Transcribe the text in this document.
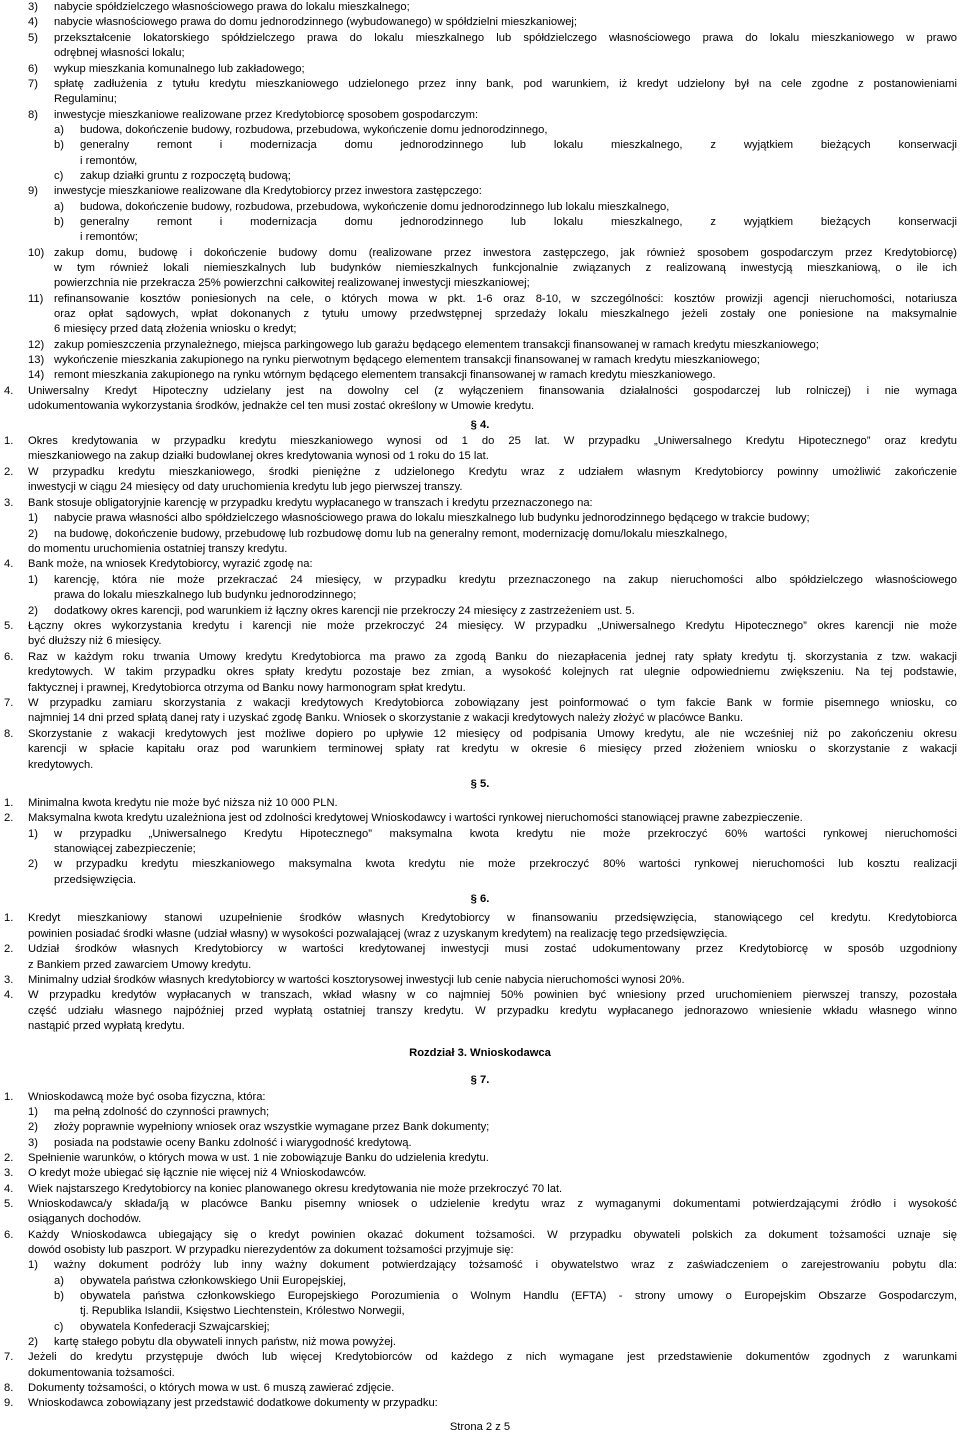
3) nabycie spółdzielczego własnościowego prawa do lokalu mieszkalnego;
4) nabycie własnościowego prawa do domu jednorodzinnego (wybudowanego) w spółdzielni mieszkaniowej;
5) przekształcenie lokatorskiego spółdzielczego prawa do lokalu mieszkalnego lub spółdzielczego własnościowego prawa do lokalu mieszkaniowego w prawo
odrębnej własności lokalu;
6) wykup mieszkania komunalnego lub zakładowego;
7) spłatę zadłużenia z tytułu kredytu mieszkaniowego udzielonego przez inny bank, pod warunkiem, iż kredyt udzielony był na cele zgodne z postanowieniami
Regulaminu;
8) inwestycje mieszkaniowe realizowane przez Kredytobiorcę sposobem gospodarczym:
a) budowa, dokończenie budowy, rozbudowa, przebudowa, wykończenie domu jednorodzinnego,
b) generalny remont i modernizacja domu jednorodzinnego lub lokalu mieszkalnego, z wyjątkiem bieżących konserwacji
i remontów,
c) zakup działki gruntu z rozpoczętą budową;
9) inwestycje mieszkaniowe realizowane dla Kredytobiorcy przez inwestora zastępczego:
a) budowa, dokończenie budowy, rozbudowa, przebudowa, wykończenie domu jednorodzinnego lub lokalu mieszkalnego,
b) generalny remont i modernizacja domu jednorodzinnego lub lokalu mieszkalnego, z wyjątkiem bieżących konserwacji
i remontów;
10) zakup domu, budowę i dokończenie budowy domu (realizowane przez inwestora zastępczego, jak również sposobem gospodarczym przez Kredytobiorcę)
w tym również lokali niemieszkalnych lub budynków niemieszkalnych funkcjonalnie związanych z realizowaną inwestycją mieszkaniową, o ile ich
powierzchnia nie przekracza 25% powierzchni całkowitej realizowanej inwestycji mieszkaniowej;
11) refinansowanie kosztów poniesionych na cele, o których mowa w pkt. 1-6 oraz 8-10, w szczególności: kosztów prowizji agencji nieruchomości, notariusza
oraz opłat sądowych, wpłat dokonanych z tytułu umowy przedwstępnej sprzedaży lokalu mieszkalnego jeżeli zostały one poniesione na maksymalnie
6 miesięcy przed datą złożenia wniosku o kredyt;
12) zakup pomieszczenia przynależnego, miejsca parkingowego lub garażu będącego elementem transakcji finansowanej w ramach kredytu mieszkaniowego;
13) wykończenie mieszkania zakupionego na rynku pierwotnym będącego elementem transakcji finansowanej w ramach kredytu mieszkaniowego;
14) remont mieszkania zakupionego na rynku wtórnym będącego elementem transakcji finansowanej w ramach kredytu mieszkaniowego.
4. Uniwersalny Kredyt Hipoteczny udzielany jest na dowolny cel (z wyłączeniem finansowania działalności gospodarczej lub rolniczej) i nie wymaga
udokumentowania wykorzystania środków, jednakże cel ten musi zostać określony w Umowie kredytu.
§ 4.
1. Okres kredytowania w przypadku kredytu mieszkaniowego wynosi od 1 do 25 lat. W przypadku „Uniwersalnego Kredytu Hipotecznego” oraz kredytu
mieszkaniowego na zakup działki budowlanej okres kredytowania wynosi od 1 roku do 15 lat.
2. W przypadku kredytu mieszkaniowego, środki pieniężne z udzielonego Kredytu wraz z udziałem własnym Kredytobiorcy powinny umożliwić zakończenie
inwestycji w ciągu 24 miesięcy od daty uruchomienia kredytu lub jego pierwszej transzy.
3. Bank stosuje obligatoryjnie karencję w przypadku kredytu wypłacanego w transzach i kredytu przeznaczonego na:
1) nabycie prawa własności albo spółdzielczego własnościowego prawa do lokalu mieszkalnego lub budynku jednorodzinnego będącego w trakcie budowy;
2) na budowę, dokończenie budowy, przebudowę lub rozbudowę domu lub na generalny remont, modernizację domu/lokalu mieszkalnego,
do momentu uruchomienia ostatniej transzy kredytu.
4. Bank może, na wniosek Kredytobiorcy, wyrazić zgodę na:
1) karencję, która nie może przekraczać 24 miesięcy, w przypadku kredytu przeznaczonego na zakup nieruchomości albo spółdzielczego własnościowego
prawa do lokalu mieszkalnego lub budynku jednorodzinnego;
2) dodatkowy okres karencji, pod warunkiem iż łączny okres karencji nie przekroczy 24 miesięcy z zastrzeżeniem ust. 5.
5. Łączny okres wykorzystania kredytu i karencji nie może przekroczyć 24 miesięcy. W przypadku „Uniwersalnego Kredytu Hipotecznego” okres karencji nie może
być dłuższy niż 6 miesięcy.
6. Raz w każdym roku trwania Umowy kredytu Kredytobiorca ma prawo za zgodą Banku do niezapłacenia jednej raty spłaty kredytu tj. skorzystania z tzw. wakacji
kredytowych. W takim przypadku okres spłaty kredytu pozostaje bez zmian, a wysokość kolejnych rat ulegnie odpowiedniemu zwiększeniu. Na tej podstawie,
faktycznej i prawnej, Kredytobiorca otrzyma od Banku nowy harmonogram spłat kredytu.
7. W przypadku zamiaru skorzystania z wakacji kredytowych Kredytobiorca zobowiązany jest poinformować o tym fakcie Bank w formie pisemnego wniosku, co
najmniej 14 dni przed spłatą danej raty i uzyskać zgodę Banku. Wniosek o skorzystanie z wakacji kredytowych należy złożyć w placówce Banku.
8. Skorzystanie z wakacji kredytowych jest możliwe dopiero po upływie 12 miesięcy od podpisania Umowy kredytu, ale nie wcześniej niż po zakończeniu okresu
karencji w spłacie kapitału oraz pod warunkiem terminowej spłaty rat kredytu w okresie 6 miesięcy przed złożeniem wniosku o skorzystanie z wakacji
kredytowych.
§ 5.
1. Minimalna kwota kredytu nie może być niższa niż 10 000 PLN.
2. Maksymalna kwota kredytu uzależniona jest od zdolności kredytowej Wnioskodawcy i wartości rynkowej nieruchomości stanowiącej prawne zabezpieczenie.
1) w przypadku „Uniwersalnego Kredytu Hipotecznego” maksymalna kwota kredytu nie może przekroczyć 60% wartości rynkowej nieruchomości
stanowiącej zabezpieczenie;
2) w przypadku kredytu mieszkaniowego maksymalna kwota kredytu nie może przekroczyć 80% wartości rynkowej nieruchomości lub kosztu realizacji
przedsięwzięcia.
§ 6.
1. Kredyt mieszkaniowy stanowi uzupełnienie środków własnych Kredytobiorcy w finansowaniu przedsięwzięcia, stanowiącego cel kredytu. Kredytobiorca
powinien posiadać środki własne (udział własny) w wysokości pozwalającej (wraz z uzyskanym kredytem) na realizację tego przedsięwzięcia.
2. Udział środków własnych Kredytobiorcy w wartości kredytowanej inwestycji musi zostać udokumentowany przez Kredytobiorcę w sposób uzgodniony
z Bankiem przed zawarciem Umowy kredytu.
3. Minimalny udział środków własnych kredytobiorcy w wartości kosztorysowej inwestycji lub cenie nabycia nieruchomości wynosi 20%.
4. W przypadku kredytów wypłacanych w transzach, wkład własny w co najmniej 50% powinien być wniesiony przed uruchomieniem pierwszej transzy, pozostała
część udziału własnego najpóźniej przed wypłatą ostatniej transzy kredytu. W przypadku kredytu wypłacanego jednorazowo wniesienie wkładu własnego winno
nastąpić przed wypłatą kredytu.
Rozdział 3. Wnioskodawca
§ 7.
1. Wnioskodawcą może być osoba fizyczna, która:
1) ma pełną zdolność do czynności prawnych;
2) złoży poprawnie wypełniony wniosek oraz wszystkie wymagane przez Bank dokumenty;
3) posiada na podstawie oceny Banku zdolność i wiarygodność kredytową.
2. Spełnienie warunków, o których mowa w ust. 1 nie zobowiązuje Banku do udzielenia kredytu.
3. O kredyt może ubiegać się łącznie nie więcej niż 4 Wnioskodawców.
4. Wiek najstarszego Kredytobiorcy na koniec planowanego okresu kredytowania nie może przekroczyć 70 lat.
5. Wnioskodawca/y składa/ją w placówce Banku pisemny wniosek o udzielenie kredytu wraz z wymaganymi dokumentami potwierdzającymi źródło i wysokość
osiąganych dochodów.
6. Każdy Wnioskodawca ubiegający się o kredyt powinien okazać dokument tożsamości. W przypadku obywateli polskich za dokument tożsamości uznaje się
dowód osobisty lub paszport. W przypadku nierezydentów za dokument tożsamości przyjmuje się:
1) ważny dokument podróży lub inny ważny dokument potwierdzający tożsamość i obywatelstwo wraz z zaświadczeniem o zarejestrowaniu pobytu dla:
a) obywatela państwa członkowskiego Unii Europejskiej,
b) obywatela państwa członkowskiego Europejskiego Porozumienia o Wolnym Handlu (EFTA) - strony umowy o Europejskim Obszarze Gospodarczym,
tj. Republika Islandii, Księstwo Liechtenstein, Królestwo Norwegii,
c) obywatela Konfederacji Szwajcarskiej;
2) kartę stałego pobytu dla obywateli innych państw, niż mowa powyżej.
7. Jeżeli do kredytu przystępuje dwóch lub więcej Kredytobiorców od każdego z nich wymagane jest przedstawienie dokumentów zgodnych z warunkami
dokumentowania tożsamości.
8. Dokumenty tożsamości, o których mowa w ust. 6 muszą zawierać zdjęcie.
9. Wnioskodawca zobowiązany jest przedstawić dodatkowe dokumenty w przypadku:
Strona 2 z 5
